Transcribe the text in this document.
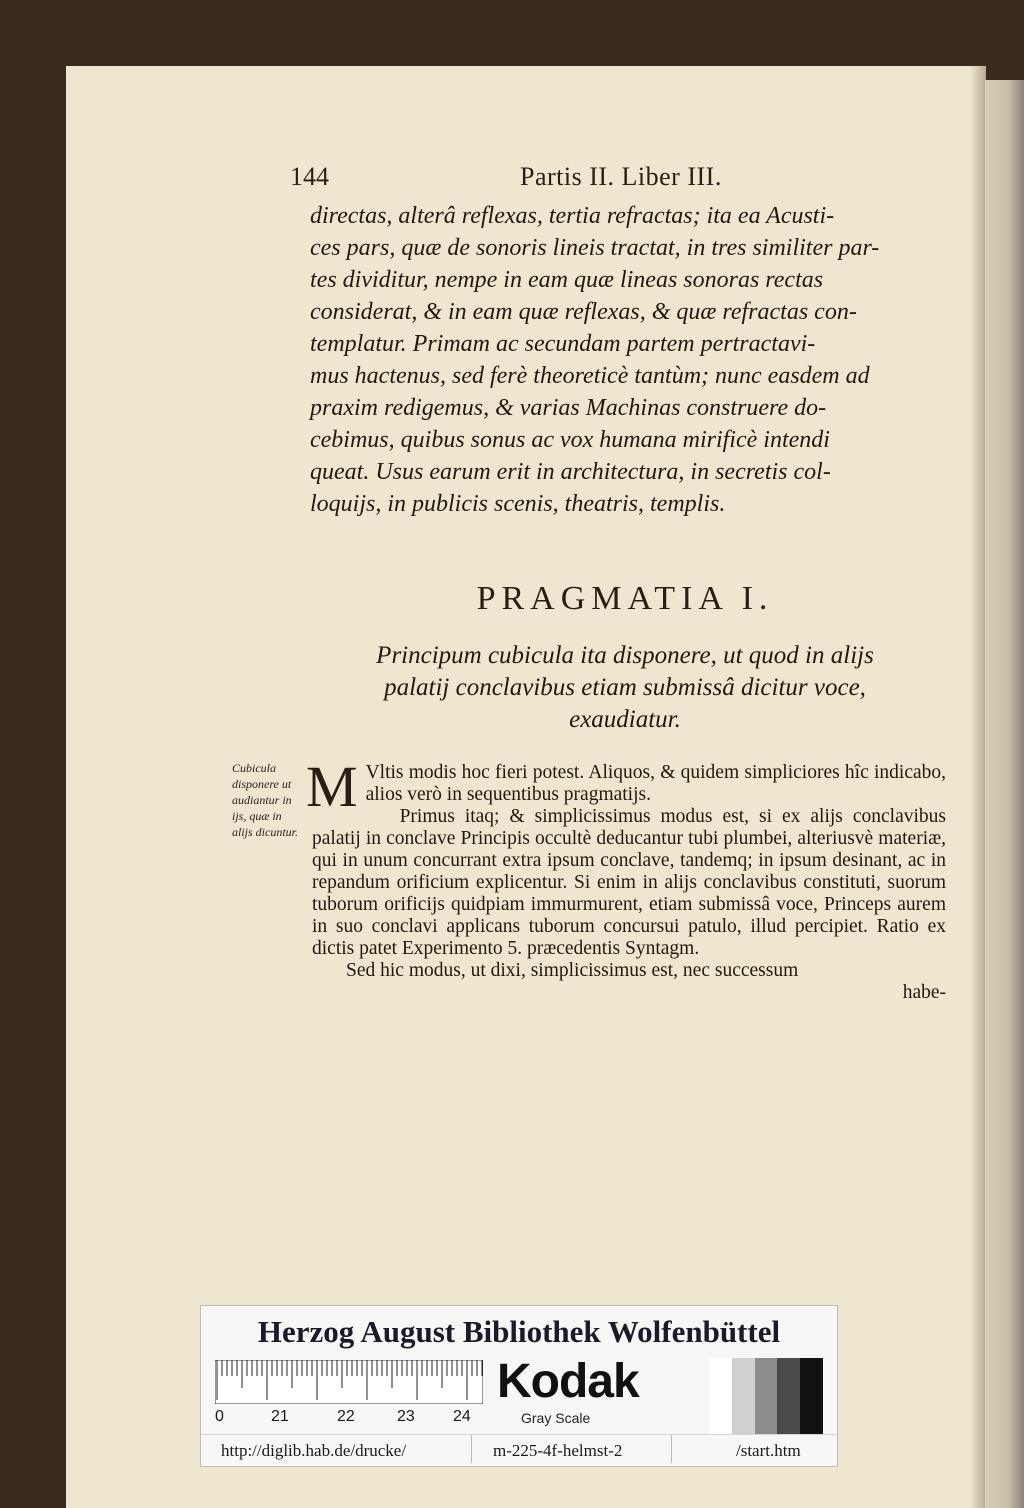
144	Partis II. Liber III.

directas, alterâ reflexas, tertia refractas; ita ea Acusti-

ces pars, quæ de sonoris lineis tractat, in tres similiter par-

tes dividitur, nempe in eam quæ lineas sonoras rectas

considerat, & in eam quæ reflexas, & quæ refractas con-

templatur. Primam ac secundam partem pertractavi-

mus hactenus, sed ferè theoreticè tantùm; nunc easdem ad

praxim redigemus, & varias Machinas construere do-

cebimus, quibus sonus ac vox humana mirificè intendi

queat. Usus earum erit in architectura, in secretis col-

loquijs, in publicis scenis, theatris, templis.

PRAGMATIA I.
Principum cubicula ita disponere, ut quod in alijs
palatij conclavibus etiam submissâ dicitur voce,
exaudiatur.
Cubicula disponere ut audiantur in ijs, quæ in alijs dicuntur.

M Vltis modis hoc fieri potest. Aliquos, & quidem simpliciores hîc indicabo, alios verò in sequentibus pragmatijs.

Primus itaq; & simplicissimus modus est, si ex alijs conclavibus palatij in conclave Principis occultè deducantur tubi plumbei, alteriusvè materiæ, qui in unum concurrant extra ipsum conclave, tandemq; in ipsum desinant, ac in repandum orificium explicentur. Si enim in alijs conclavibus constituti, suorum tuborum orificijs quidpiam immurmurent, etiam submissâ voce, Princeps aurem in suo conclavi applicans tuborum concursui patulo, illud percipiet. Ratio ex dictis patet Experimento 5. præcedentis Syntagm.

Sed hic modus, ut dixi, simplicissimus est, nec successum

habe-

Herzog August Bibliothek Wolfenbüttel
0	21	22	23 24
Kodak
Gray Scale
http://diglib.hab.de/drucke/	m-225-4f-helmst-2	/start.htm
